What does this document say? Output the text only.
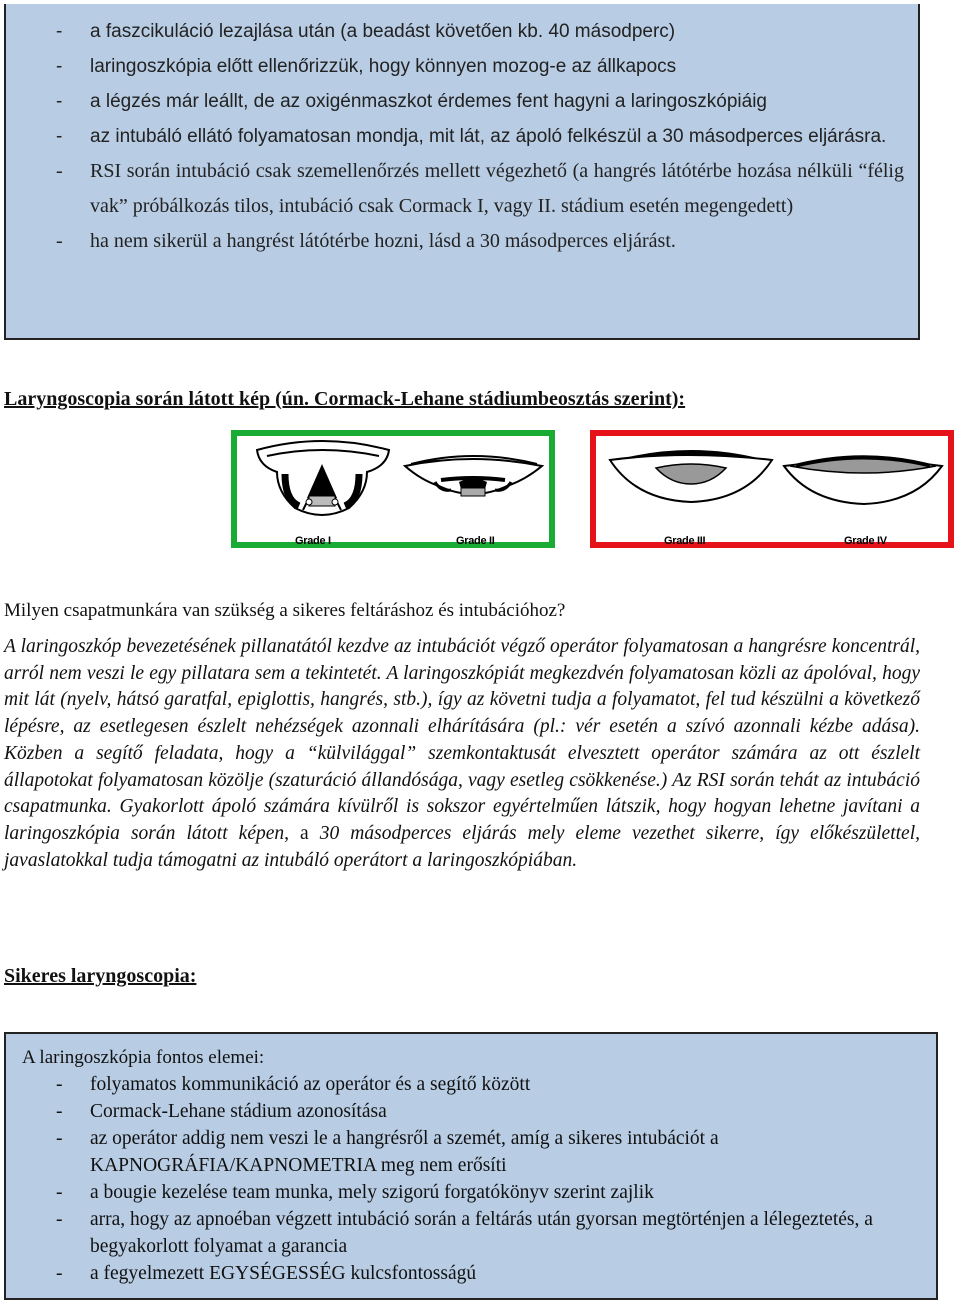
- a faszcikuláció lezajlása után (a beadást követően kb. 40 másodperc)
- laringoszkópia előtt ellenőrizzük, hogy könnyen mozog-e az állkapocs
- a légzés már leállt, de az oxigénmaszkot érdemes fent hagyni a laringoszkópiáig
- az intubáló ellátó folyamatosan mondja, mit lát, az ápoló felkészül a 30 másodperces eljárásra.
- RSI során intubáció csak szemellenőrzés mellett végezhető (a hangrés látótérbe hozása nélküli “félig vak” próbálkozás tilos, intubáció csak Cormack I, vagy II. stádium esetén megengedett)
- ha nem sikerül a hangrést látótérbe hozni, lásd a 30 másodperces eljárást.
Laryngoscopia során látott kép (ún. Cormack-Lehane stádiumbeosztás szerint):
Grade I	Grade II	Grade III	Grade IV

Milyen csapatmunkára van szükség a sikeres feltáráshoz és intubációhoz?

A laringoszkóp bevezetésének pillanatától kezdve az intubációt végző operátor folyamatosan a hangrésre koncentrál, arról nem veszi le egy pillatara sem a tekintetét. A laringoszkópiát megkezdvén folyamatosan közli az ápolóval, hogy mit lát (nyelv, hátsó garatfal, epiglottis, hangrés, stb.), így az követni tudja a folyamatot, fel tud készülni a következő lépésre, az esetlegesen észlelt nehézségek azonnali elhárítására (pl.: vér esetén a szívó azonnali kézbe adása). Közben a segítő feladata, hogy a “külvilággal” szemkontaktusát elvesztett operátor számára az ott észlelt állapotokat folyamatosan közölje (szaturáció állandósága, vagy esetleg csökkenése.) Az RSI során tehát az intubáció csapatmunka. Gyakorlott ápoló számára kívülről is sokszor egyértelműen látszik, hogy hogyan lehetne javítani a laringoszkópia során látott képen, a 30 másodperces eljárás mely eleme vezethet sikerre, így előkészülettel, javaslatokkal tudja támogatni az intubáló operátort a laringoszkópiában.

Sikeres laryngoscopia:
A laringoszkópia fontos elemei:
- folyamatos kommunikáció az operátor és a segítő között
- Cormack-Lehane stádium azonosítása
- az operátor addig nem veszi le a hangrésről a szemét, amíg a sikeres intubációt a KAPNOGRÁFIA/KAPNOMETRIA meg nem erősíti
- a bougie kezelése team munka, mely szigorú forgatókönyv szerint zajlik
- arra, hogy az apnoéban végzett intubáció során a feltárás után gyorsan megtörténjen a lélegeztetés, a begyakorlott folyamat a garancia
- a fegyelmezett EGYSÉGESSÉG kulcsfontosságú
